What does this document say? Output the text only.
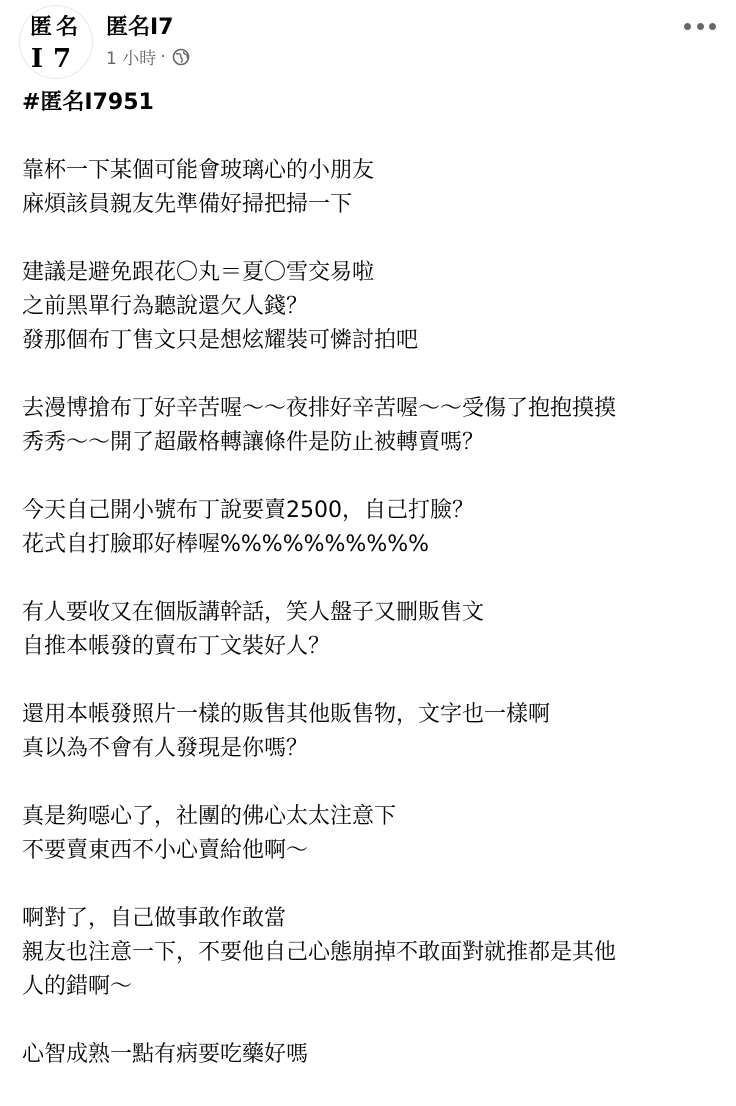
匿名
I7
匿名I7
1 小時 ·
#匿名I7951
靠杯一下某個可能會玻璃心的小朋友
麻煩該員親友先準備好掃把掃一下
建議是避免跟花〇丸＝夏〇雪交易啦
之前黑單行為聽說還欠人錢？
發那個布丁售文只是想炫耀裝可憐討拍吧
去漫博搶布丁好辛苦喔～～夜排好辛苦喔～～受傷了抱抱摸摸
秀秀～～開了超嚴格轉讓條件是防止被轉賣嗎？
今天自己開小號布丁說要賣2500，自己打臉？
花式自打臉耶好棒喔%%%%%%%%%%
有人要收又在個版講幹話，笑人盤子又刪販售文
自推本帳發的賣布丁文裝好人？
還用本帳發照片一樣的販售其他販售物，文字也一樣啊
真以為不會有人發現是你嗎？
真是夠噁心了，社團的佛心太太注意下
不要賣東西不小心賣給他啊～
啊對了，自己做事敢作敢當
親友也注意一下，不要他自己心態崩掉不敢面對就推都是其他
人的錯啊～
心智成熟一點有病要吃藥好嗎
